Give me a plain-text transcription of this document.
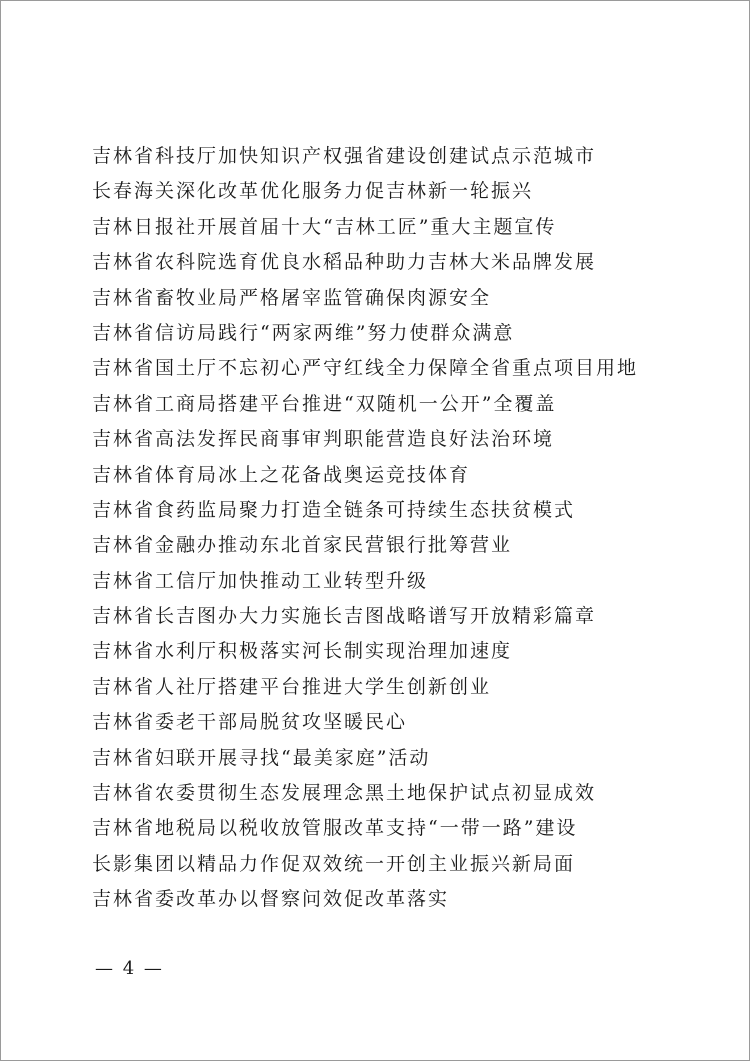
吉林省科技厅加快知识产权强省建设创建试点示范城市
长春海关深化改革优化服务力促吉林新一轮振兴
吉林日报社开展首届十大“吉林工匠”重大主题宣传
吉林省农科院选育优良水稻品种助力吉林大米品牌发展
吉林省畜牧业局严格屠宰监管确保肉源安全
吉林省信访局践行“两家两维”努力使群众满意
吉林省国土厅不忘初心严守红线全力保障全省重点项目用地
吉林省工商局搭建平台推进“双随机一公开”全覆盖
吉林省高法发挥民商事审判职能营造良好法治环境
吉林省体育局冰上之花备战奥运竞技体育
吉林省食药监局聚力打造全链条可持续生态扶贫模式
吉林省金融办推动东北首家民营银行批筹营业
吉林省工信厅加快推动工业转型升级
吉林省长吉图办大力实施长吉图战略谱写开放精彩篇章
吉林省水利厅积极落实河长制实现治理加速度
吉林省人社厅搭建平台推进大学生创新创业
吉林省委老干部局脱贫攻坚暖民心
吉林省妇联开展寻找“最美家庭”活动
吉林省农委贯彻生态发展理念黑土地保护试点初显成效
吉林省地税局以税收放管服改革支持“一带一路”建设
长影集团以精品力作促双效统一开创主业振兴新局面
吉林省委改革办以督察问效促改革落实
— 4 —
